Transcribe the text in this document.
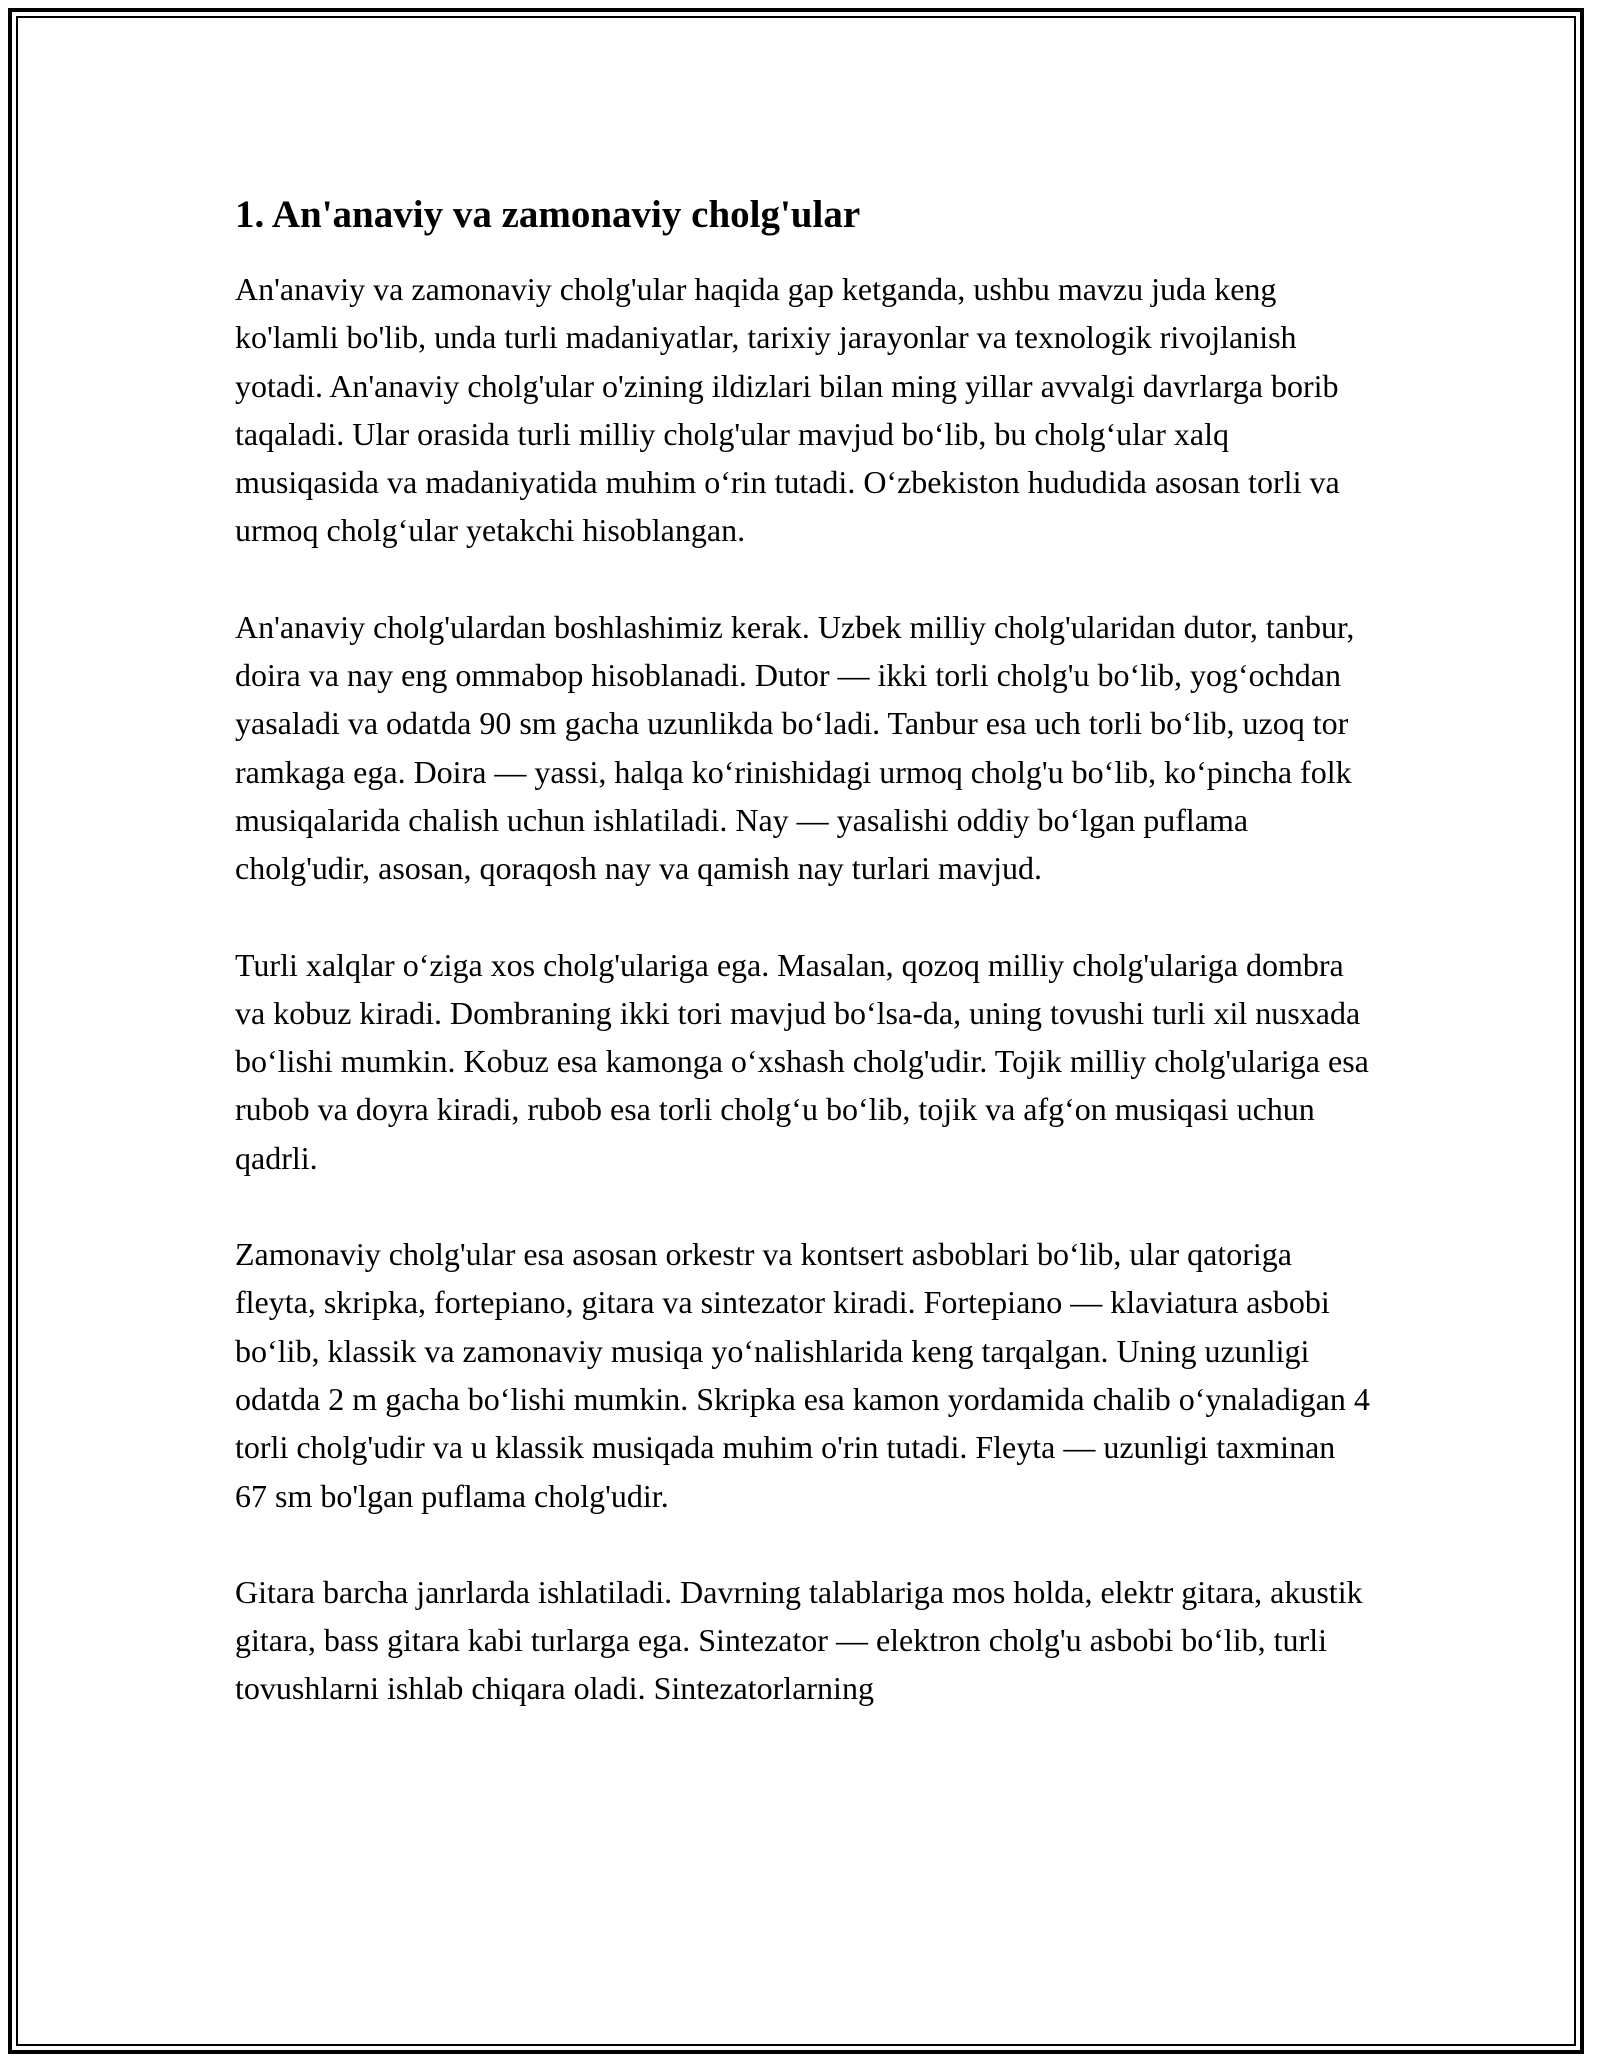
1. An'anaviy va zamonaviy cholg'ular

An'anaviy va zamonaviy cholg'ular haqida gap ketganda, ushbu mavzu juda keng ko'lamli bo'lib, unda turli madaniyatlar, tarixiy jarayonlar va texnologik rivojlanish yotadi. An'anaviy cholg'ular o'zining ildizlari bilan ming yillar avvalgi davrlarga borib taqaladi. Ular orasida turli milliy cholg'ular mavjud bo‘lib, bu cholg‘ular xalq musiqasida va madaniyatida muhim o‘rin tutadi. O‘zbekiston hududida asosan torli va urmoq cholg‘ular yetakchi hisoblangan.

An'anaviy cholg'ulardan boshlashimiz kerak. Uzbek milliy cholg'ularidan dutor, tanbur, doira va nay eng ommabop hisoblanadi. Dutor — ikki torli cholg'u bo‘lib, yog‘ochdan yasaladi va odatda 90 sm gacha uzunlikda bo‘ladi. Tanbur esa uch torli bo‘lib, uzoq tor ramkaga ega. Doira — yassi, halqa ko‘rinishidagi urmoq cholg'u bo‘lib, ko‘pincha folk musiqalarida chalish uchun ishlatiladi. Nay — yasalishi oddiy bo‘lgan puflama cholg'udir, asosan, qoraqosh nay va qamish nay turlari mavjud.

Turli xalqlar o‘ziga xos cholg'ulariga ega. Masalan, qozoq milliy cholg'ulariga dombra va kobuz kiradi. Dombraning ikki tori mavjud bo‘lsa-da, uning tovushi turli xil nusxada bo‘lishi mumkin. Kobuz esa kamonga o‘xshash cholg'udir. Tojik milliy cholg'ulariga esa rubob va doyra kiradi, rubob esa torli cholg‘u bo‘lib, tojik va afg‘on musiqasi uchun qadrli.

Zamonaviy cholg'ular esa asosan orkestr va kontsert asboblari bo‘lib, ular qatoriga fleyta, skripka, fortepiano, gitara va sintezator kiradi. Fortepiano — klaviatura asbobi bo‘lib, klassik va zamonaviy musiqa yo‘nalishlarida keng tarqalgan. Uning uzunligi odatda 2 m gacha bo‘lishi mumkin. Skripka esa kamon yordamida chalib o‘ynaladigan 4 torli cholg'udir va u klassik musiqada muhim o'rin tutadi. Fleyta — uzunligi taxminan 67 sm bo'lgan puflama cholg'udir.

Gitara barcha janrlarda ishlatiladi. Davrning talablariga mos holda, elektr gitara, akustik gitara, bass gitara kabi turlarga ega. Sintezator — elektron cholg'u asbobi bo‘lib, turli tovushlarni ishlab chiqara oladi. Sintezatorlarning
